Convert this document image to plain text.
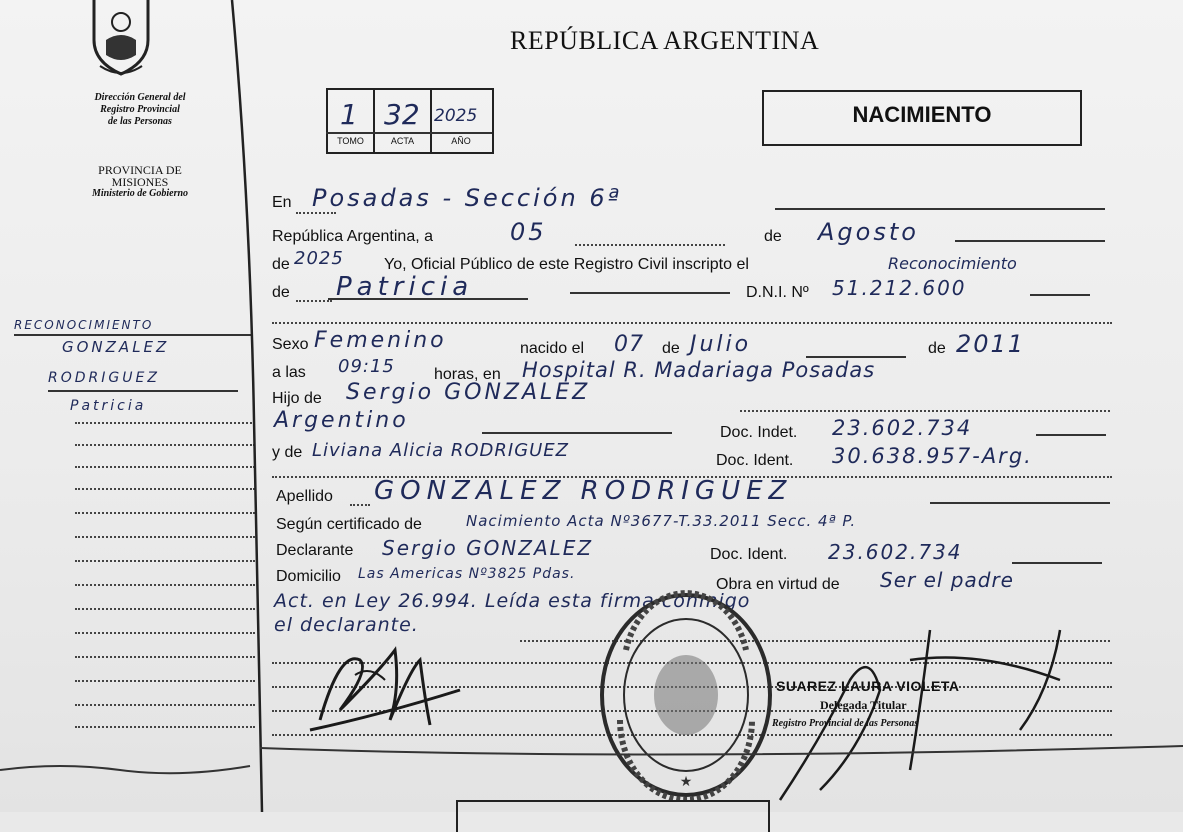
Dirección General del
Registro Provincial
de las Personas
PROVINCIA DE
MISIONES
Ministerio de Gobierno
RECONOCIMIENTO
GONZALEZ
RODRIGUEZ
Patricia
REPÚBLICA ARGENTINA
1 32 2025
TOMO	ACTA	AÑO
NACIMIENTO
En Posadas - Sección 6ª
República Argentina, a	05	de Agosto
de 2025	Yo, Oficial Público de este Registro Civil inscripto el	Reconocimiento
de Patricia	D.N.I. Nº 51.212.600
Sexo Femenino	nacido el 07 de Julio	de 2011
a las 09:15 horas, en Hospital R. Madariaga Posadas
Hijo de Sergio GONZALEZ
Argentino	Doc. Indet. 23.602.734
y de Liviana Alicia RODRIGUEZ	Doc. Ident. 30.638.957-Arg.
Apellido GONZALEZ RODRIGUEZ
Según certificado de	Nacimiento Acta Nº3677-T.33.2011 Secc. 4ª P.
Declarante Sergio GONZALEZ	Doc. Ident. 23.602.734
Domicilio Las Americas Nº3825 Pdas.
Obra en virtud de Ser el padre
Act. en Ley 26.994. Leída esta firma conmigo
el declarante.
★
SUAREZ LAURA VIOLETA
Delegada Titular
Registro Provincial de las Personas
